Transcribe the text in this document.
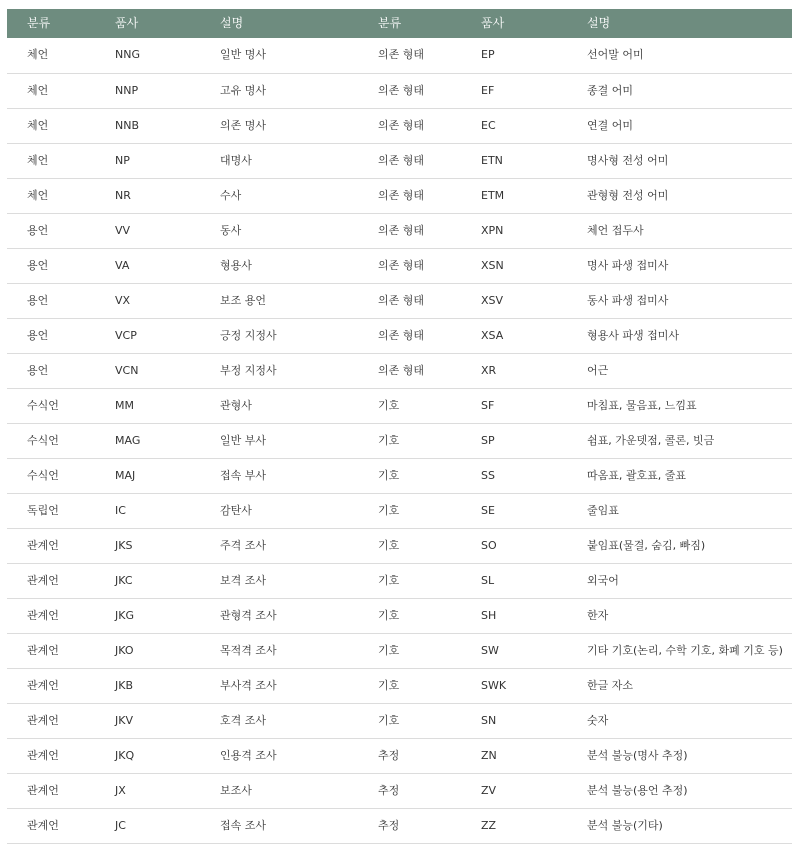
분류	품사	설명	분류	품사	설명
체언	NNG	일반 명사	의존 형태	EP	선어말 어미
체언	NNP	고유 명사	의존 형태	EF	종결 어미
체언	NNB	의존 명사	의존 형태	EC	연결 어미
체언	NP	대명사	의존 형태	ETN	명사형 전성 어미
체언	NR	수사	의존 형태	ETM	관형형 전성 어미
용언	VV	동사	의존 형태	XPN	체언 접두사
용언	VA	형용사	의존 형태	XSN	명사 파생 접미사
용언	VX	보조 용언	의존 형태	XSV	동사 파생 접미사
용언	VCP	긍정 지정사	의존 형태	XSA	형용사 파생 접미사
용언	VCN	부정 지정사	의존 형태	XR	어근
수식언	MM	관형사	기호	SF	마침표, 물음표, 느낌표
수식언	MAG	일반 부사	기호	SP	쉼표, 가운뎃점, 콜론, 빗금
수식언	MAJ	접속 부사	기호	SS	따옴표, 괄호표, 줄표
독립언	IC	감탄사	기호	SE	줄임표
관계언	JKS	주격 조사	기호	SO	붙임표(물결, 숨김, 빠짐)
관계언	JKC	보격 조사	기호	SL	외국어
관계언	JKG	관형격 조사	기호	SH	한자
관계언	JKO	목적격 조사	기호	SW	기타 기호(논리, 수학 기호, 화폐 기호 등)
관계언	JKB	부사격 조사	기호	SWK	한글 자소
관계언	JKV	호격 조사	기호	SN	숫자
관계언	JKQ	인용격 조사	추정	ZN	분석 불능(명사 추정)
관계언	JX	보조사	추정	ZV	분석 불능(용언 추정)
관계언	JC	접속 조사	추정	ZZ	분석 불능(기타)
